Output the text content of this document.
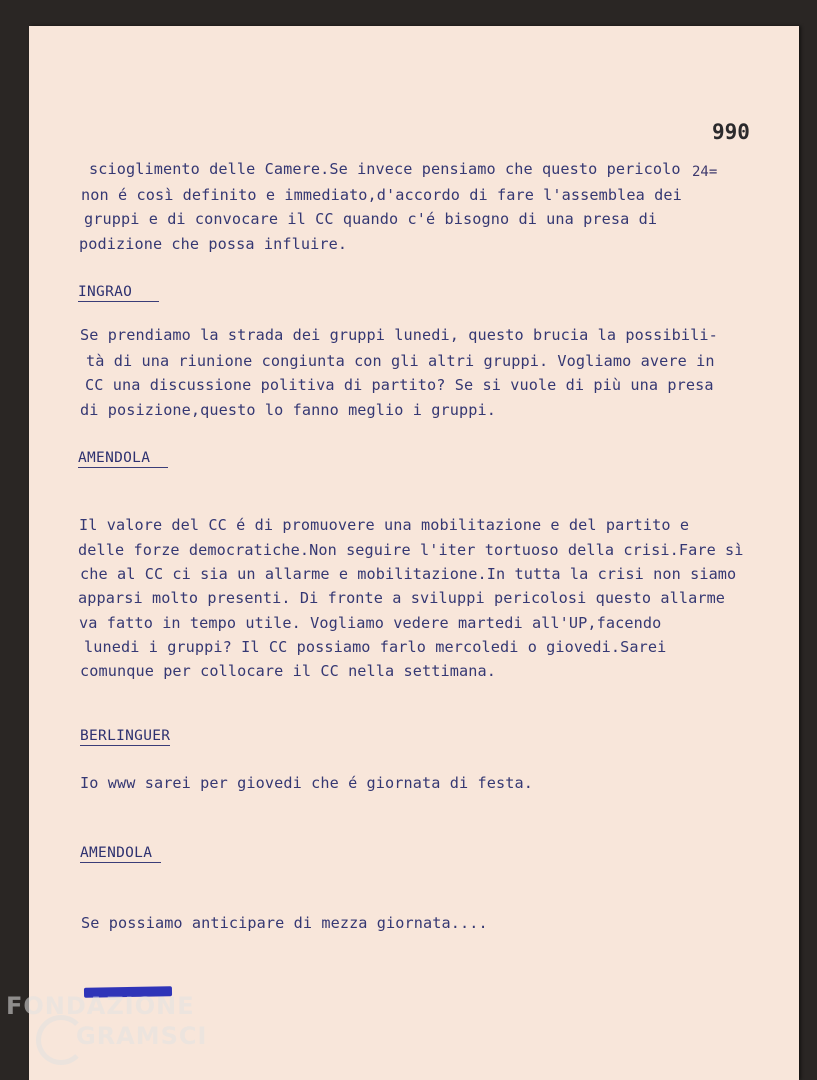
990
24=
scioglimento delle Camere.Se invece pensiamo che questo pericolo
non é così definito e immediato,d'accordo di fare l'assemblea dei
gruppi e di convocare il CC quando c'é bisogno di una presa di
podizione che possa influire.
INGRAO
Se prendiamo la strada dei gruppi lunedi, questo brucia la possibili-
tà di una riunione congiunta con gli altri gruppi. Vogliamo avere in
CC una discussione politiva di partito? Se si vuole di più una presa
di posizione,questo lo fanno meglio i gruppi.
AMENDOLA
Il valore del CC é di promuovere una mobilitazione e del partito e
delle forze democratiche.Non seguire l'iter tortuoso della crisi.Fare sì
che al CC ci sia un allarme e mobilitazione.In tutta la crisi non siamo
apparsi molto presenti. Di fronte a sviluppi pericolosi questo allarme
va fatto in tempo utile. Vogliamo vedere martedi all'UP,facendo
lunedi i gruppi? Il CC possiamo farlo mercoledi o giovedi.Sarei
comunque per collocare il CC nella settimana.
BERLINGUER
Io www sarei per giovedi che é giornata di festa.
AMENDOLA
Se possiamo anticipare di mezza giornata....
FONDAZIONE
GRAMSCI
